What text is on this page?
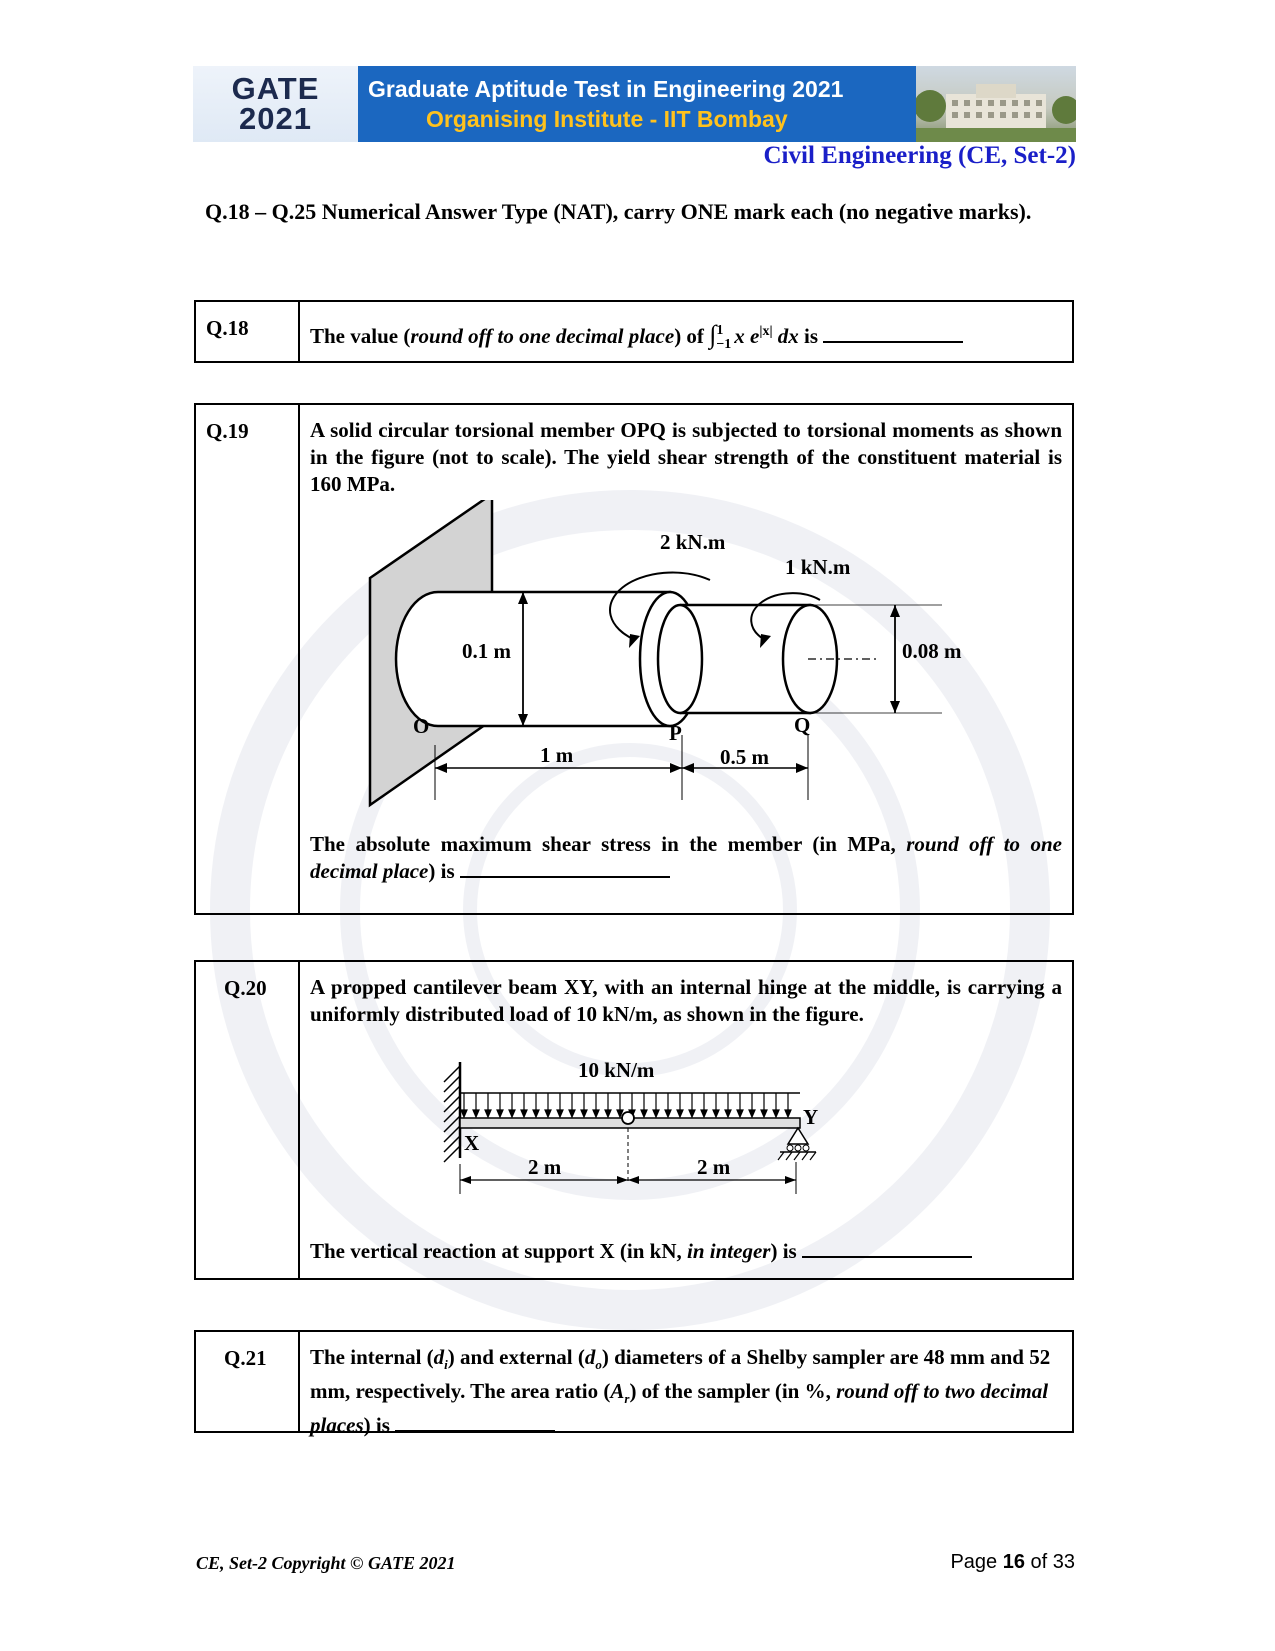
GATE
2021
Graduate Aptitude Test in Engineering 2021
Organising Institute - IIT Bombay
Civil Engineering (CE, Set-2)
Q.18 – Q.25 Numerical Answer Type (NAT), carry ONE mark each (no negative marks).
Q.18	The value (round off to one decimal place) of ∫ 1
−1 x $e^{|x|}$ dx is
Q.19	A solid circular torsional member OPQ is subjected to torsional moments as shown in the figure (not to scale). The yield shear strength of the constituent material is 160 MPa.
2 kN.m
1 kN.m
0.1 m	0.08 m
O	P	Q
1 m	0.5 m
The absolute maximum shear stress in the member (in MPa, round off to one decimal place) is
Q.20	A propped cantilever beam XY, with an internal hinge at the middle, is carrying a uniformly distributed load of 10 kN/m, as shown in the figure.
10 kN/m
X
Y
2 m	2 m
The vertical reaction at support X (in kN, in integer) is
Q.21	The internal $(d_i)$ and external $(d_o)$ diameters of a Shelby sampler are 48 mm and 52 mm, respectively. The area ratio $(A_r)$ of the sampler (in %, round off to two decimal places) is
CE, Set-2 Copyright © GATE 2021	Page 16 of 33
